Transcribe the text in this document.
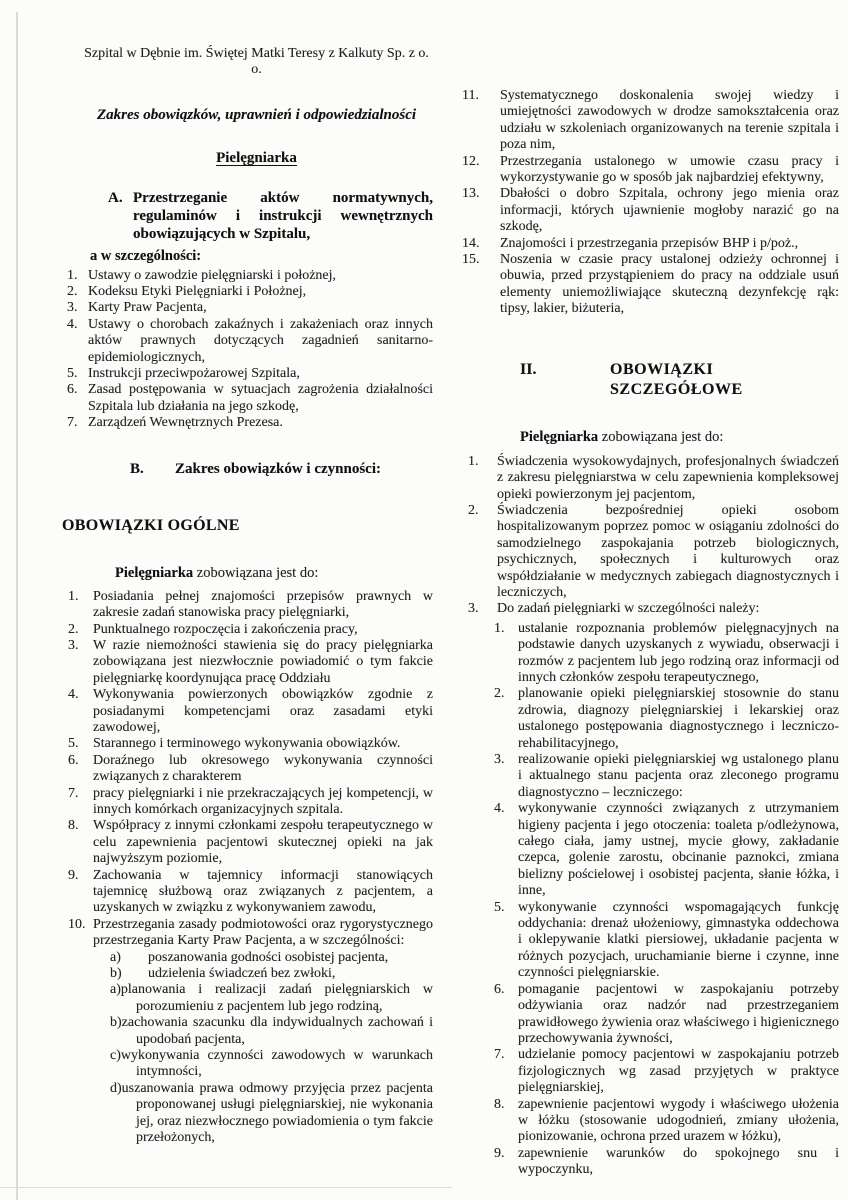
Szpital w Dębnie im. Świętej Matki Teresy z Kalkuty Sp. z o. o.
Zakres obowiązków, uprawnień i odpowiedzialności
Pielęgniarka
A. Przestrzeganie aktów normatywnych, regulaminów i instrukcji wewnętrznych obowiązujących w Szpitalu,
a w szczególności:
1. Ustawy o zawodzie pielęgniarski i położnej,
2. Kodeksu Etyki Pielęgniarki i Położnej,
3. Karty Praw Pacjenta,
4. Ustawy o chorobach zakaźnych i zakażeniach oraz innych aktów prawnych dotyczących zagadnień sanitarno-epidemiologicznych,
5. Instrukcji przeciwpożarowej Szpitala,
6. Zasad postępowania w sytuacjach zagrożenia działalności Szpitala lub działania na jego szkodę,
7. Zarządzeń Wewnętrznych Prezesa.
B.	Zakres obowiązków i czynności:
OBOWIĄZKI OGÓLNE
Pielęgniarka zobowiązana jest do:
1.	Posiadania pełnej znajomości przepisów prawnych w zakresie zadań stanowiska pracy pielęgniarki,
2.	Punktualnego rozpoczęcia i zakończenia pracy,
3.	W razie niemożności stawienia się do pracy pielęgniarka zobowiązana jest niezwłocznie powiadomić o tym fakcie pielęgniarkę koordynująca pracę Oddziału
4.	Wykonywania powierzonych obowiązków zgodnie z posiadanymi kompetencjami oraz zasadami etyki zawodowej,
5.	Starannego i terminowego wykonywania obowiązków.
6.	Doraźnego lub okresowego wykonywania czynności związanych z charakterem
7.	pracy pielęgniarki i nie przekraczających jej kompetencji, w innych komórkach organizacyjnych szpitala.
8.	Współpracy z innymi członkami zespołu terapeutycznego w celu zapewnienia pacjentowi skutecznej opieki na jak najwyższym poziomie,
9.	Zachowania w tajemnicy informacji stanowiących tajemnicę służbową oraz związanych z pacjentem, a uzyskanych w związku z wykonywaniem zawodu,
10. Przestrzegania zasady podmiotowości oraz rygorystycznego przestrzegania Karty Praw Pacjenta, a w szczególności:
a)	poszanowania godności osobistej pacjenta,
b)	udzielenia świadczeń bez zwłoki,
a)planowania i realizacji zadań pielęgniarskich w porozumieniu z pacjentem lub jego rodziną,
b)zachowania szacunku dla indywidualnych zachowań i upodobań pacjenta,
c)wykonywania czynności zawodowych w warunkach intymności,
d)uszanowania prawa odmowy przyjęcia przez pacjenta proponowanej usługi pielęgniarskiej, nie wykonania jej, oraz niezwłocznego powiadomienia o tym fakcie przełożonych,
11.	Systematycznego doskonalenia swojej wiedzy i umiejętności zawodowych w drodze samokształcenia oraz udziału w szkoleniach organizowanych na terenie szpitala i poza nim,
12.	Przestrzegania ustalonego w umowie czasu pracy i wykorzystywanie go w sposób jak najbardziej efektywny,
13.	Dbałości o dobro Szpitala, ochrony jego mienia oraz informacji, których ujawnienie mogłoby narazić go na szkodę,
14.	Znajomości i przestrzegania przepisów BHP i p/poż.,
15.	Noszenia w czasie pracy ustalonej odzieży ochronnej i obuwia, przed przystąpieniem do pracy na oddziale usuń elementy uniemożliwiające skuteczną dezynfekcję rąk: tipsy, lakier, biżuteria,
II.	OBOWIĄZKI SZCZEGÓŁOWE
Pielęgniarka zobowiązana jest do:
1.	Świadczenia wysokowydajnych, profesjonalnych świadczeń z zakresu pielęgniarstwa w celu zapewnienia kompleksowej opieki powierzonym jej pacjentom,
2.	Świadczenia bezpośredniej opieki osobom hospitalizowanym poprzez pomoc w osiąganiu zdolności do samodzielnego zaspokajania potrzeb biologicznych, psychicznych, społecznych i kulturowych oraz współdziałanie w medycznych zabiegach diagnostycznych i leczniczych,
3.	Do zadań pielęgniarki w szczególności należy:
1. ustalanie rozpoznania problemów pielęgnacyjnych na podstawie danych uzyskanych z wywiadu, obserwacji i rozmów z pacjentem lub jego rodziną oraz informacji od innych członków zespołu terapeutycznego,
2. planowanie opieki pielęgniarskiej stosownie do stanu zdrowia, diagnozy pielęgniarskiej i lekarskiej oraz ustalonego postępowania diagnostycznego i leczniczo-rehabilitacyjnego,
3. realizowanie opieki pielęgniarskiej wg ustalonego planu i aktualnego stanu pacjenta oraz zleconego programu diagnostyczno – leczniczego:
4. wykonywanie czynności związanych z utrzymaniem higieny pacjenta i jego otoczenia: toaleta p/odleżynowa, całego ciała, jamy ustnej, mycie głowy, zakładanie czepca, golenie zarostu, obcinanie paznokci, zmiana bielizny pościelowej i osobistej pacjenta, słanie łóżka, i inne,
5. wykonywanie czynności wspomagających funkcję oddychania: drenaż ułożeniowy, gimnastyka oddechowa i oklepywanie klatki piersiowej, układanie pacjenta w różnych pozycjach, uruchamianie bierne i czynne, inne czynności pielęgniarskie.
6. pomaganie pacjentowi w zaspokajaniu potrzeby odżywiania oraz nadzór nad przestrzeganiem prawidłowego żywienia oraz właściwego i higienicznego przechowywania żywności,
7. udzielanie pomocy pacjentowi w zaspokajaniu potrzeb fizjologicznych wg zasad przyjętych w praktyce pielęgniarskiej,
8. zapewnienie pacjentowi wygody i właściwego ułożenia w łóżku (stosowanie udogodnień, zmiany ułożenia, pionizowanie, ochrona przed urazem w łóżku),
9. zapewnienie warunków do spokojnego snu i wypoczynku,
